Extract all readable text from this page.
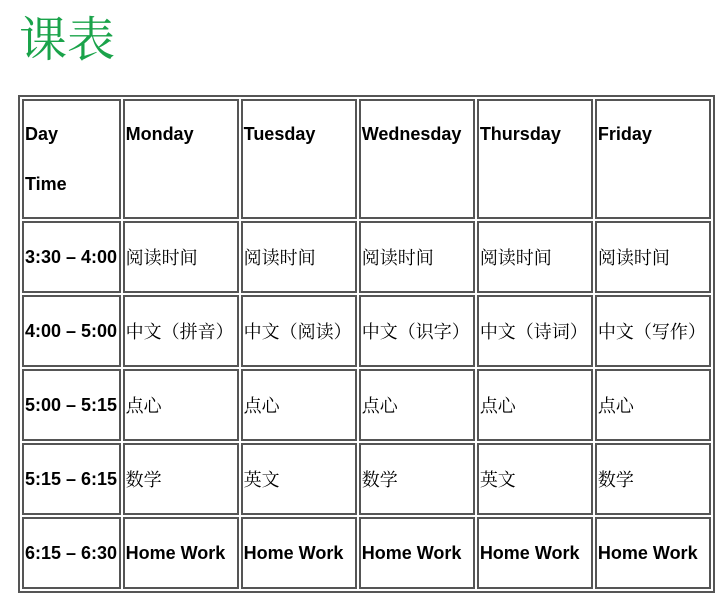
课表
Day
Time	Monday	Tuesday	Wednesday	Thursday	Friday

3:30 – 4:00	阅读时间	阅读时间	阅读时间	阅读时间	阅读时间
4:00 – 5:00	中文（拼音）	中文（阅读）	中文（识字）	中文（诗词）	中文（写作）
5:00 – 5:15	点心	点心	点心	点心	点心
5:15 – 6:15	数学	英文	数学	英文	数学
6:15 – 6:30	Home Work	Home Work	Home Work	Home Work	Home Work
